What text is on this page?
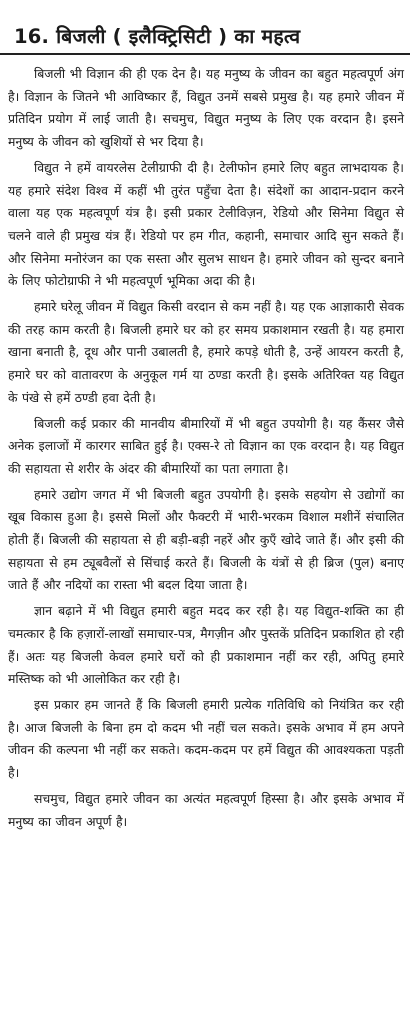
16. बिजली ( इलैक्ट्रिसिटी ) का महत्व

बिजली भी विज्ञान की ही एक देन है। यह मनुष्य के जीवन का बहुत महत्वपूर्ण अंग है। विज्ञान के जितने भी आविष्कार हैं, विद्युत उनमें सबसे प्रमुख है। यह हमारे जीवन में प्रतिदिन प्रयोग में लाई जाती है। सचमुच, विद्युत मनुष्य के लिए एक वरदान है। इसने मनुष्य के जीवन को खुशियों से भर दिया है।

विद्युत ने हमें वायरलेस टेलीग्राफी दी है। टेलीफोन हमारे लिए बहुत लाभदायक है। यह हमारे संदेश विश्व में कहीं भी तुरंत पहुँचा देता है। संदेशों का आदान-प्रदान करने वाला यह एक महत्वपूर्ण यंत्र है। इसी प्रकार टेलीविज़न, रेडियो और सिनेमा विद्युत से चलने वाले ही प्रमुख यंत्र हैं। रेडियो पर हम गीत, कहानी, समाचार आदि सुन सकते हैं। और सिनेमा मनोरंजन का एक सस्ता और सुलभ साधन है। हमारे जीवन को सुन्दर बनाने के लिए फोटोग्राफी ने भी महत्वपूर्ण भूमिका अदा की है।

हमारे घरेलू जीवन में विद्युत किसी वरदान से कम नहीं है। यह एक आज्ञाकारी सेवक की तरह काम करती है। बिजली हमारे घर को हर समय प्रकाशमान रखती है। यह हमारा खाना बनाती है, दूध और पानी उबालती है, हमारे कपड़े धोती है, उन्हें आयरन करती है, हमारे घर को वातावरण के अनुकूल गर्म या ठण्डा करती है। इसके अतिरिक्त यह विद्युत के पंखे से हमें ठण्डी हवा देती है।

बिजली कई प्रकार की मानवीय बीमारियों में भी बहुत उपयोगी है। यह कैंसर जैसे अनेक इलाजों में कारगर साबित हुई है। एक्स-रे तो विज्ञान का एक वरदान है। यह विद्युत की सहायता से शरीर के अंदर की बीमारियों का पता लगाता है।

हमारे उद्योग जगत में भी बिजली बहुत उपयोगी है। इसके सहयोग से उद्योगों का खूब विकास हुआ है। इससे मिलों और फैक्टरी में भारी-भरकम विशाल मशीनें संचालित होती हैं। बिजली की सहायता से ही बड़ी-बड़ी नहरें और कुएँ खोदे जाते हैं। और इसी की सहायता से हम ट्यूबवैलों से सिंचाई करते हैं। बिजली के यंत्रों से ही ब्रिज (पुल) बनाए जाते हैं और नदियों का रास्ता भी बदल दिया जाता है।

ज्ञान बढ़ाने में भी विद्युत हमारी बहुत मदद कर रही है। यह विद्युत-शक्ति का ही चमत्कार है कि हज़ारों-लाखों समाचार-पत्र, मैगज़ीन और पुस्तकें प्रतिदिन प्रकाशित हो रही हैं। अतः यह बिजली केवल हमारे घरों को ही प्रकाशमान नहीं कर रही, अपितु हमारे मस्तिष्क को भी आलोकित कर रही है।

इस प्रकार हम जानते हैं कि बिजली हमारी प्रत्येक गतिविधि को नियंत्रित कर रही है। आज बिजली के बिना हम दो कदम भी नहीं चल सकते। इसके अभाव में हम अपने जीवन की कल्पना भी नहीं कर सकते। कदम-कदम पर हमें विद्युत की आवश्यकता पड़ती है।

सचमुच, विद्युत हमारे जीवन का अत्यंत महत्वपूर्ण हिस्सा है। और इसके अभाव में मनुष्य का जीवन अपूर्ण है।
